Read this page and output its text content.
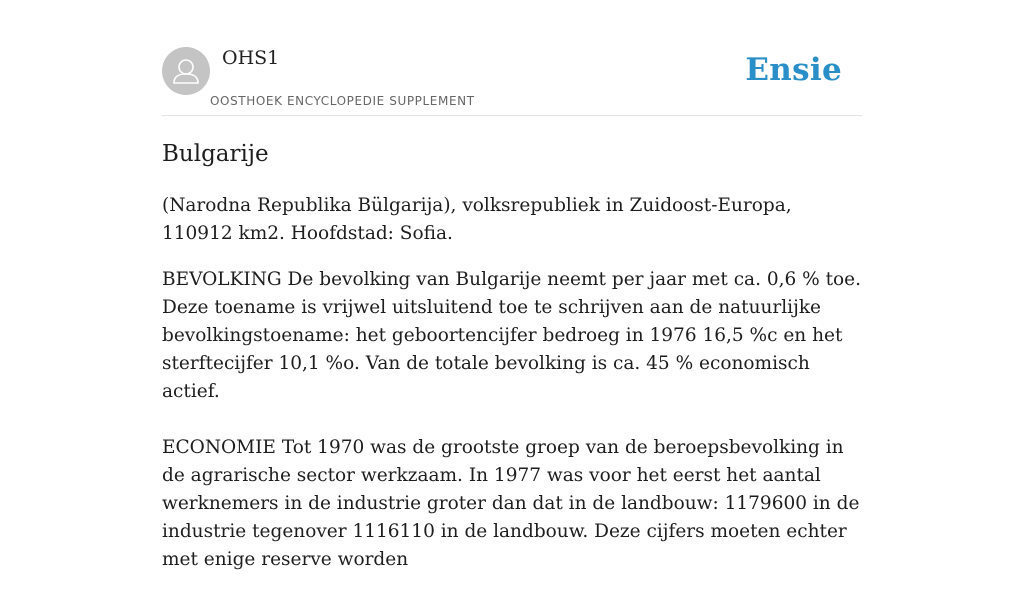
OHS1
OOSTHOEK ENCYCLOPEDIE SUPPLEMENT
Ensie
Bulgarije

(Narodna Republika Bülgarija), volksrepubliek in Zuidoost-Europa, 110912 km2. Hoofdstad: Sofia.

BEVOLKING De bevolking van Bulgarije neemt per jaar met ca. 0,6 % toe. Deze toename is vrijwel uitsluitend toe te schrijven aan de natuurlijke bevolkingstoename: het geboortencijfer bedroeg in 1976 16,5 %c en het sterftecijfer 10,1 %o. Van de totale bevolking is ca. 45 % economisch actief.

ECONOMIE Tot 1970 was de grootste groep van de beroepsbevolking in de agrarische sector werkzaam. In 1977 was voor het eerst het aantal werknemers in de industrie groter dan dat in de landbouw: 1179600 in de industrie tegenover 1116110 in de landbouw. Deze cijfers moeten echter met enige reserve worden
